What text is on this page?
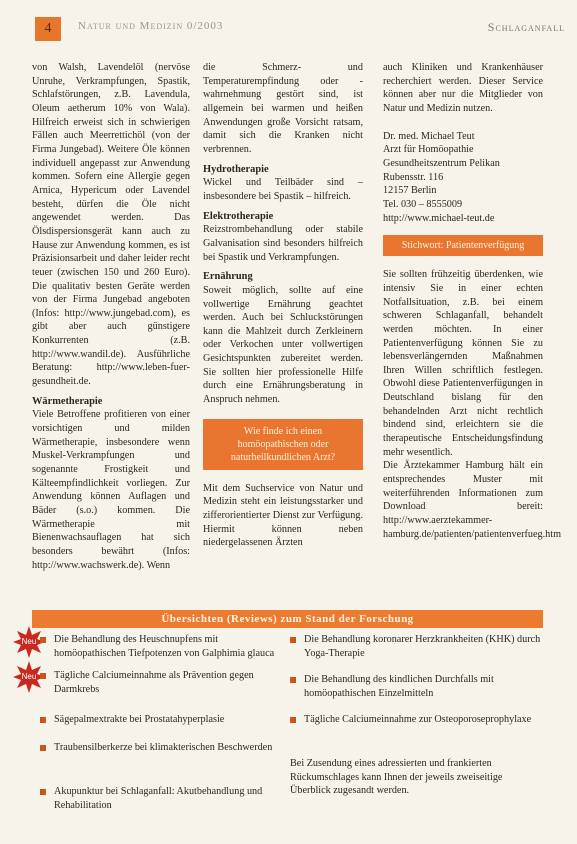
4	Natur und Medizin 0/2003	Schlaganfall

von Walsh, Lavendelöl (nervöse Unruhe, Verkrampfungen, Spastik, Schlafstörungen, z.B. Lavendula, Oleum aetherum 10% von Wala). Hilfreich erweist sich in schwierigen Fällen auch Meerrettichöl (von der Firma Jungebad). Weitere Öle können individuell angepasst zur Anwendung kommen. Sofern eine Allergie gegen Arnica, Hypericum oder Lavendel besteht, dürfen die Öle nicht angewendet werden. Das Ölsdispersionsgerät kann auch zu Hause zur Anwendung kommen, es ist Präzisionsarbeit und daher leider recht teuer (zwischen 150 und 260 Euro). Die qualitativ besten Geräte werden von der Firma Jungebad angeboten (Infos: http://www.jungebad.com), es gibt aber auch günstigere Konkurrenten (z.B. http://www.wandil.de). Ausführliche Beratung: http://www.leben-fuer-gesundheit.de.

Wärmetherapie

Viele Betroffene profitieren von einer vorsichtigen und milden Wärmetherapie, insbesondere wenn Muskel-Verkrampfungen und sogenannte Frostigkeit und Kälteempfindlichkeit vorliegen. Zur Anwendung können Auflagen und Bäder (s.o.) kommen. Die Wärmetherapie mit Bienenwachsauflagen hat sich besonders bewährt (Infos: http://www.wachswerk.de). Wenn

die Schmerz- und Temperaturempfindung oder -wahrnehmung gestört sind, ist allgemein bei warmen und heißen Anwendungen große Vorsicht ratsam, damit sich die Kranken nicht verbrennen.

Hydrotherapie

Wickel und Teilbäder sind – insbesondere bei Spastik – hilfreich.

Elektrotherapie

Reizstrombehandlung oder stabile Galvanisation sind besonders hilfreich bei Spastik und Verkrampfungen.

Ernährung

Soweit möglich, sollte auf eine vollwertige Ernährung geachtet werden. Auch bei Schluckstörungen kann die Mahlzeit durch Zerkleinern oder Verkochen unter vollwertigen Gesichtspunkten zubereitet werden. Sie sollten hier professionelle Hilfe durch eine Ernährungsberatung in Anspruch nehmen.

Wie finde ich einen homöopathischen oder naturheilkundlichen Arzt?

Mit dem Suchservice von Natur und Medizin steht ein leistungsstarker und zifferorientierter Dienst zur Verfügung. Hiermit können neben niedergelassenen Ärzten

auch Kliniken und Krankenhäuser recherchiert werden. Dieser Service können aber nur die Mitglieder von Natur und Medizin nutzen.

Dr. med. Michael Teut

Arzt für Homöopathie

Gesundheitszentrum Pelikan

Rubensstr. 116

12157 Berlin

Tel. 030 – 8555009

http://www.michael-teut.de

Stichwort: Patientenverfügung

Sie sollten frühzeitig überdenken, wie intensiv Sie in einer echten Notfallsituation, z.B. bei einem schweren Schlaganfall, behandelt werden möchten. In einer Patientenverfügung können Sie zu lebensverlängernden Maßnahmen Ihren Willen schriftlich festlegen. Obwohl diese Patientenverfügungen in Deutschland bislang für den behandelnden Arzt nicht rechtlich bindend sind, erleichtern sie die therapeutische Entscheidungsfindung mehr wesentlich.

Die Ärztekammer Hamburg hält ein entsprechendes Muster mit weiterführenden Informationen zum Download bereit: http://www.aerztekammer-hamburg.de/patienten/patientenverfueg.htm

Übersichten (Reviews) zum Stand der Forschung
Neu
Neu
Die Behandlung des Heuschnupfens mit homöopathischen Tiefpotenzen von Galphimia glauca
Tägliche Calciumeinnahme als Prävention gegen Darmkrebs
Sägepalmextrakte bei Prostatahyperplasie
Traubensilberkerze bei klimakterischen Beschwerden
Akupunktur bei Schlaganfall: Akutbehandlung und Rehabilitation
Die Behandlung koronarer Herzkrankheiten (KHK) durch Yoga-Therapie
Die Behandlung des kindlichen Durchfalls mit homöopathischen Einzelmitteln
Tägliche Calciumeinnahme zur Osteoporoseprophylaxe
Bei Zusendung eines adressierten und frankierten Rückumschlages kann Ihnen der jeweils zweiseitige Überblick zugesandt werden.
